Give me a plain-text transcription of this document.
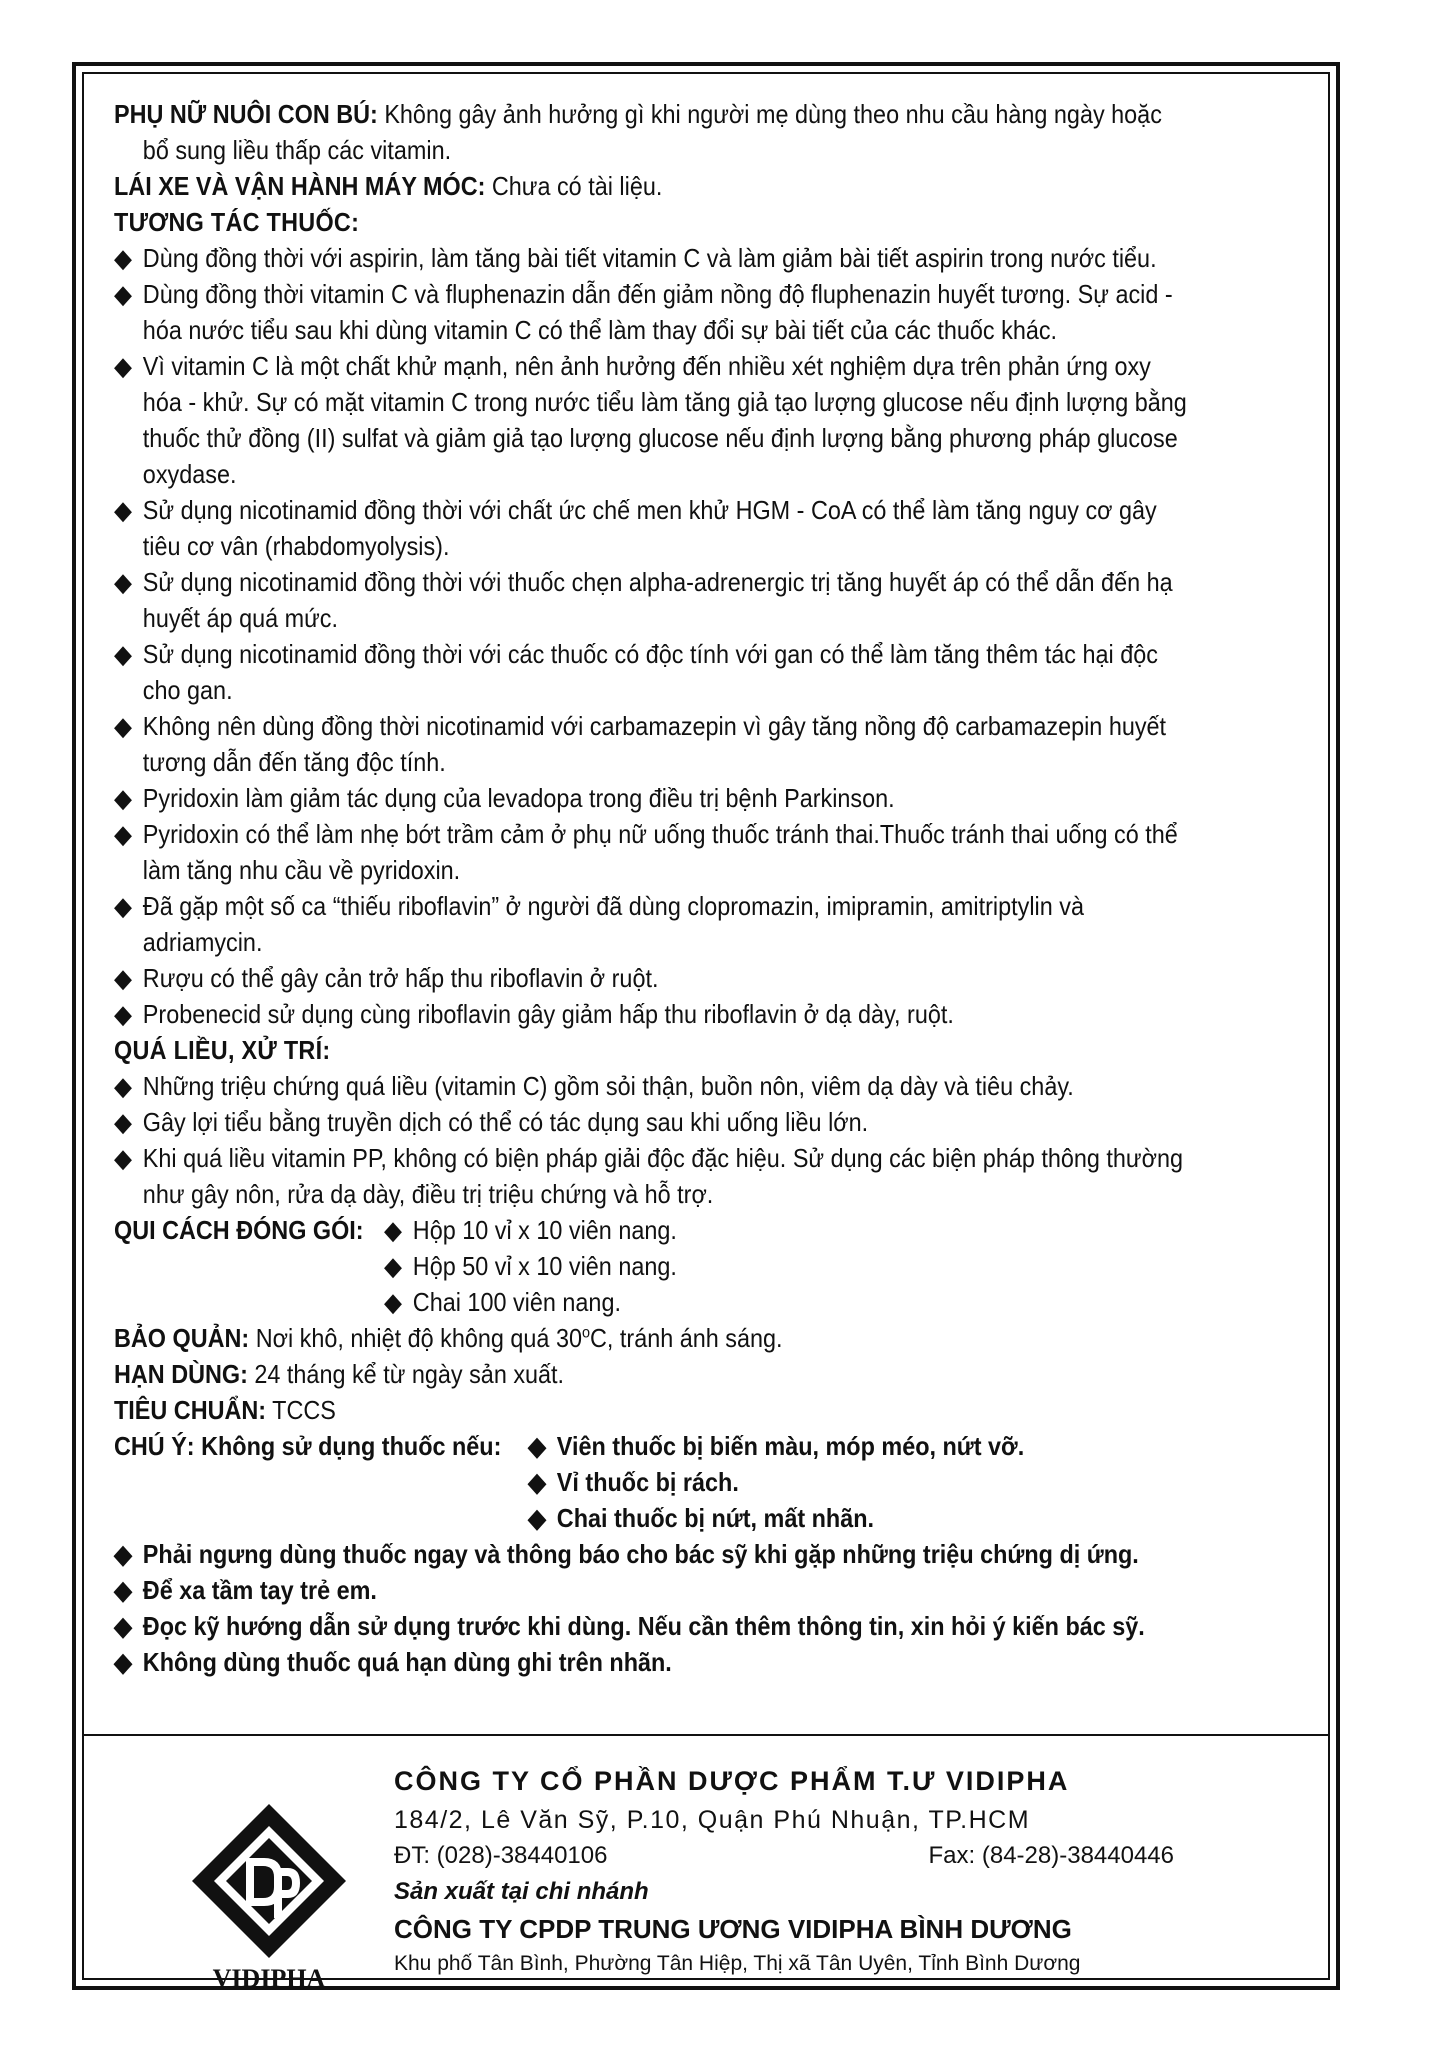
PHỤ NỮ NUÔI CON BÚ: Không gây ảnh hưởng gì khi người mẹ dùng theo nhu cầu hàng ngày hoặc bổ sung liều thấp các vitamin.

LÁI XE VÀ VẬN HÀNH MÁY MÓC: Chưa có tài liệu.

TƯƠNG TÁC THUỐC:

◆ Dùng đồng thời với aspirin, làm tăng bài tiết vitamin C và làm giảm bài tiết aspirin trong nước tiểu.

◆ Dùng đồng thời vitamin C và fluphenazin dẫn đến giảm nồng độ fluphenazin huyết tương. Sự acid - hóa nước tiểu sau khi dùng vitamin C có thể làm thay đổi sự bài tiết của các thuốc khác.

◆ Vì vitamin C là một chất khử mạnh, nên ảnh hưởng đến nhiều xét nghiệm dựa trên phản ứng oxy hóa - khử. Sự có mặt vitamin C trong nước tiểu làm tăng giả tạo lượng glucose nếu định lượng bằng thuốc thử đồng (II) sulfat và giảm giả tạo lượng glucose nếu định lượng bằng phương pháp glucose oxydase.

◆ Sử dụng nicotinamid đồng thời với chất ức chế men khử HGM - CoA có thể làm tăng nguy cơ gây tiêu cơ vân (rhabdomyolysis).

◆ Sử dụng nicotinamid đồng thời với thuốc chẹn alpha-adrenergic trị tăng huyết áp có thể dẫn đến hạ huyết áp quá mức.

◆ Sử dụng nicotinamid đồng thời với các thuốc có độc tính với gan có thể làm tăng thêm tác hại độc cho gan.

◆ Không nên dùng đồng thời nicotinamid với carbamazepin vì gây tăng nồng độ carbamazepin huyết tương dẫn đến tăng độc tính.

◆ Pyridoxin làm giảm tác dụng của levadopa trong điều trị bệnh Parkinson.

◆ Pyridoxin có thể làm nhẹ bớt trầm cảm ở phụ nữ uống thuốc tránh thai.Thuốc tránh thai uống có thể làm tăng nhu cầu về pyridoxin.

◆ Đã gặp một số ca “thiếu riboflavin” ở người đã dùng clopromazin, imipramin, amitriptylin và adriamycin.

◆ Rượu có thể gây cản trở hấp thu riboflavin ở ruột.

◆ Probenecid sử dụng cùng riboflavin gây giảm hấp thu riboflavin ở dạ dày, ruột.

QUÁ LIỀU, XỬ TRÍ:

◆ Những triệu chứng quá liều (vitamin C) gồm sỏi thận, buồn nôn, viêm dạ dày và tiêu chảy.

◆ Gây lợi tiểu bằng truyền dịch có thể có tác dụng sau khi uống liều lớn.

◆ Khi quá liều vitamin PP, không có biện pháp giải độc đặc hiệu. Sử dụng các biện pháp thông thường như gây nôn, rửa dạ dày, điều trị triệu chứng và hỗ trợ.

QUI CÁCH ĐÓNG GÓI: ◆ Hộp 10 vỉ x 10 viên nang.
◆ Hộp 50 vỉ x 10 viên nang.
◆ Chai 100 viên nang.

BẢO QUẢN: Nơi khô, nhiệt độ không quá 30$^o$C, tránh ánh sáng.

HẠN DÙNG: 24 tháng kể từ ngày sản xuất.

TIÊU CHUẨN: TCCS

CHÚ Ý: Không sử dụng thuốc nếu:	◆ Viên thuốc bị biến màu, móp méo, nứt vỡ.
◆ Vỉ thuốc bị rách.
◆ Chai thuốc bị nứt, mất nhãn.

◆ Phải ngưng dùng thuốc ngay và thông báo cho bác sỹ khi gặp những triệu chứng dị ứng.

◆ Để xa tầm tay trẻ em.

◆ Đọc kỹ hướng dẫn sử dụng trước khi dùng. Nếu cần thêm thông tin, xin hỏi ý kiến bác sỹ.

◆ Không dùng thuốc quá hạn dùng ghi trên nhãn.

VIDIPHA
CÔNG TY CỔ PHẦN DƯỢC PHẨM T.Ư VIDIPHA
184/2, Lê Văn Sỹ, P.10, Quận Phú Nhuận, TP.HCM
ĐT: (028)-38440106	Fax: (84-28)-38440446
Sản xuất tại chi nhánh
CÔNG TY CPDP TRUNG ƯƠNG VIDIPHA BÌNH DƯƠNG
Khu phố Tân Bình, Phường Tân Hiệp, Thị xã Tân Uyên, Tỉnh Bình Dương
